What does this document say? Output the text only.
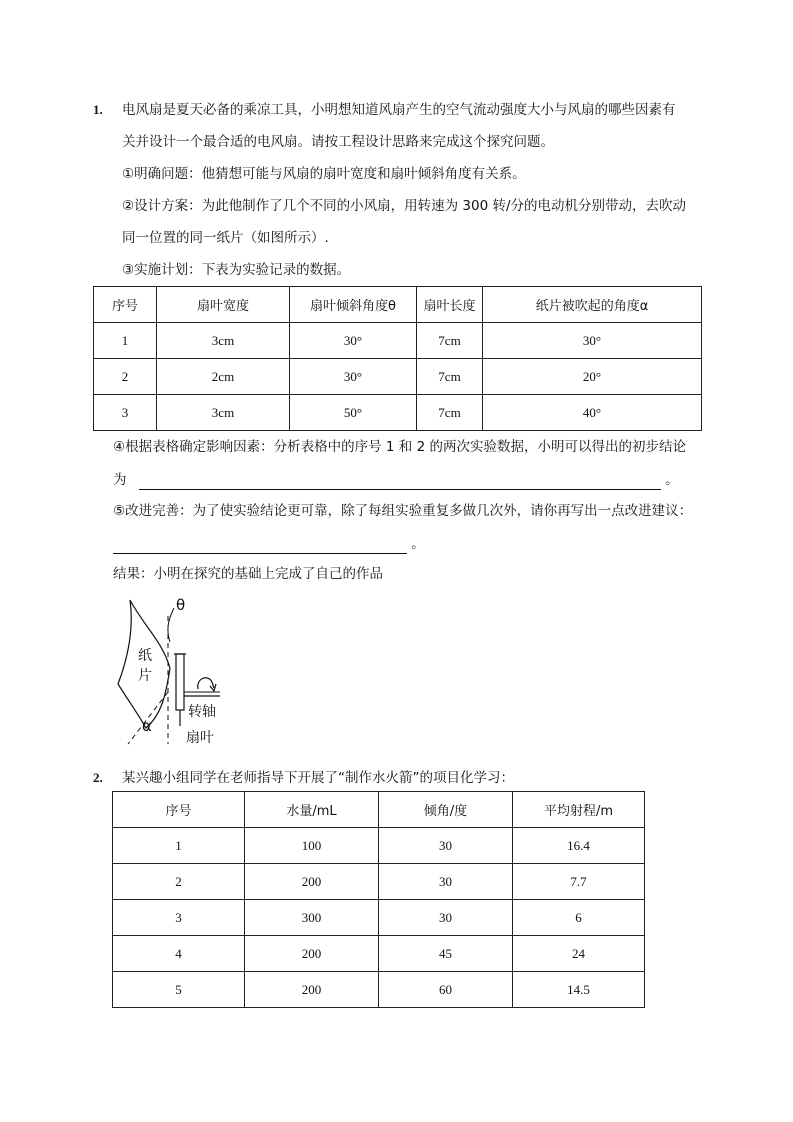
1. 电风扇是夏天必备的乘凉工具，小明想知道风扇产生的空气流动强度大小与风扇的哪些因素有
关并设计一个最合适的电风扇。请按工程设计思路来完成这个探究问题。
①明确问题：他猜想可能与风扇的扇叶宽度和扇叶倾斜角度有关系。
②设计方案：为此他制作了几个不同的小风扇，用转速为 300 转/分的电动机分别带动，去吹动
同一位置的同一纸片（如图所示）.
③实施计划：下表为实验记录的数据。
序号	扇叶宽度	扇叶倾斜角度θ	扇叶长度	纸片被吹起的角度α
1	3cm	30°	7cm	30°
2	2cm	30°	7cm	20°
3	3cm	50°	7cm	40°
④根据表格确定影响因素：分析表格中的序号 1 和 2 的两次实验数据，小明可以得出的初步结论
为	。
⑤改进完善：为了使实验结论更可靠，除了每组实验重复多做几次外，请你再写出一点改进建议：
。
结果：小明在探究的基础上完成了自己的作品
θ
纸
片
转轴
α
扇叶
2. 某兴趣小组同学在老师指导下开展了“制作水火箭”的项目化学习：
序号	水量/mL	倾角/度	平均射程/m
1	100	30	16.4
2	200	30	7.7
3	300	30	6
4	200	45	24
5	200	60	14.5
